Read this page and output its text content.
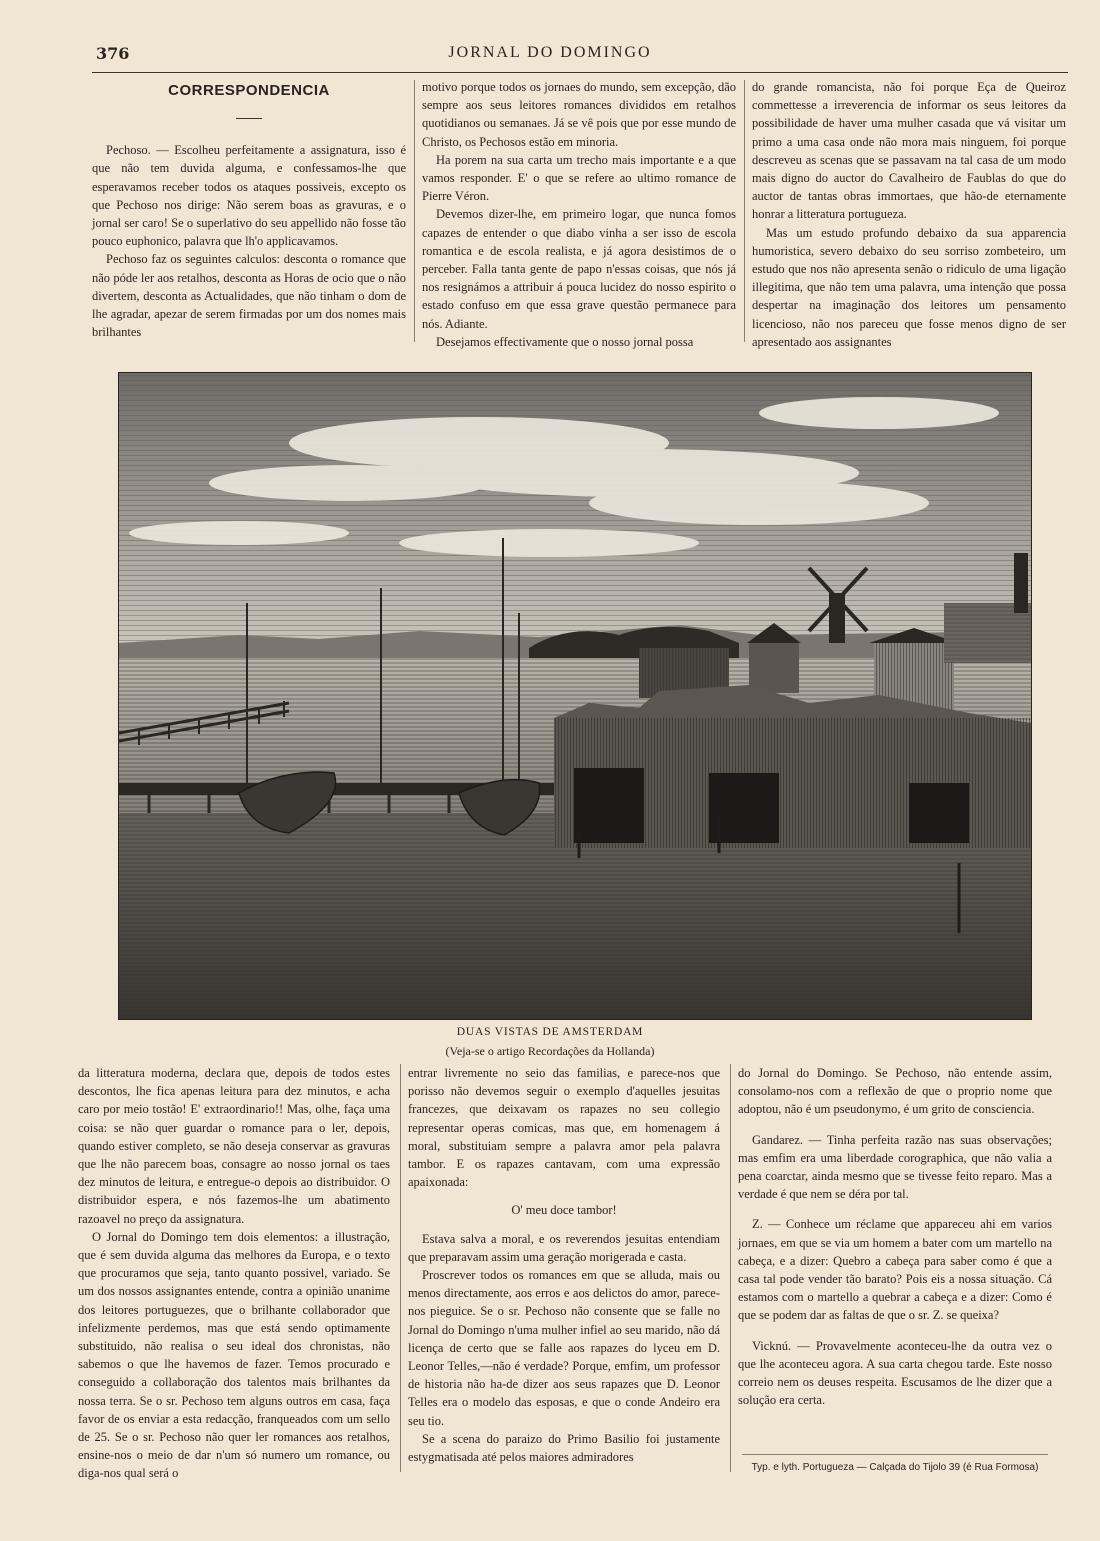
376	JORNAL DO DOMINGO
CORRESPONDENCIA

Pechoso. — Escolheu perfeitamente a assignatura, isso é que não tem duvida alguma, e confessamos-lhe que esperavamos receber todos os ataques possiveis, excepto os que Pechoso nos dirige: Não serem boas as gravuras, e o jornal ser caro! Se o superlativo do seu appellido não fosse tão pouco euphonico, palavra que lh'o applicavamos.

Pechoso faz os seguintes calculos: desconta o romance que não póde ler aos retalhos, desconta as Horas de ocio que o não divertem, desconta as Actualidades, que não tinham o dom de lhe agradar, apezar de serem firmadas por um dos nomes mais brilhantes

motivo porque todos os jornaes do mundo, sem excepção, dão sempre aos seus leitores romances divididos em retalhos quotidianos ou semanaes. Já se vê pois que por esse mundo de Christo, os Pechosos estão em minoria.

Ha porem na sua carta um trecho mais importante e a que vamos responder. E' o que se refere ao ultimo romance de Pierre Véron.

Devemos dizer-lhe, em primeiro logar, que nunca fomos capazes de entender o que diabo vinha a ser isso de escola romantica e de escola realista, e já agora desistimos de o perceber. Falla tanta gente de papo n'essas coisas, que nós já nos resignámos a attribuir á pouca lucidez do nosso espirito o estado confuso em que essa grave questão permanece para nós. Adiante.

Desejamos effectivamente que o nosso jornal possa

do grande romancista, não foi porque Eça de Queiroz commettesse a irreverencia de informar os seus leitores da possibilidade de haver uma mulher casada que vá visitar um primo a uma casa onde não mora mais ninguem, foi porque descreveu as scenas que se passavam na tal casa de um modo mais digno do auctor do Cavalheiro de Faublas do que do auctor de tantas obras immortaes, que hão-de eternamente honrar a litteratura portugueza.

Mas um estudo profundo debaixo da sua apparencia humoristica, severo debaixo do seu sorriso zombeteiro, um estudo que nos não apresenta senão o ridiculo de uma ligação illegitima, que não tem uma palavra, uma intenção que possa despertar na imaginação dos leitores um pensamento licencioso, não nos pareceu que fosse menos digno de ser apresentado aos assignantes

DUAS VISTAS DE AMSTERDAM
(Veja-se o artigo Recordações da Hollanda)

da litteratura moderna, declara que, depois de todos estes descontos, lhe fica apenas leitura para dez minutos, e acha caro por meio tostão! E' extraordinario!! Mas, olhe, faça uma coisa: se não quer guardar o romance para o ler, depois, quando estiver completo, se não deseja conservar as gravuras que lhe não parecem boas, consagre ao nosso jornal os taes dez minutos de leitura, e entregue-o depois ao distribuidor. O distribuidor espera, e nós fazemos-lhe um abatimento razoavel no preço da assignatura.

O Jornal do Domingo tem dois elementos: a illustração, que é sem duvida alguma das melhores da Europa, e o texto que procuramos que seja, tanto quanto possivel, variado. Se um dos nossos assignantes entende, contra a opinião unanime dos leitores portuguezes, que o brilhante collaborador que infelizmente perdemos, mas que está sendo optimamente substituido, não realisa o seu ideal dos chronistas, não sabemos o que lhe havemos de fazer. Temos procurado e conseguido a collaboração dos talentos mais brilhantes da nossa terra. Se o sr. Pechoso tem alguns outros em casa, faça favor de os enviar a esta redacção, franqueados com um sello de 25. Se o sr. Pechoso não quer ler romances aos retalhos, ensine-nos o meio de dar n'um só numero um romance, ou diga-nos qual será o

entrar livremente no seio das familias, e parece-nos que porisso não devemos seguir o exemplo d'aquelles jesuitas francezes, que deixavam os rapazes no seu collegio representar operas comicas, mas que, em homenagem á moral, substituiam sempre a palavra amor pela palavra tambor. E os rapazes cantavam, com uma expressão apaixonada:

O' meu doce tambor!

Estava salva a moral, e os reverendos jesuitas entendiam que preparavam assim uma geração morigerada e casta.

Proscrever todos os romances em que se alluda, mais ou menos directamente, aos erros e aos delictos do amor, parece-nos pieguice. Se o sr. Pechoso não consente que se falle no Jornal do Domingo n'uma mulher infiel ao seu marido, não dá licença de certo que se falle aos rapazes do lyceu em D. Leonor Telles,—não é verdade? Porque, emfim, um professor de historia não ha-de dizer aos seus rapazes que D. Leonor Telles era o modelo das esposas, e que o conde Andeiro era seu tio.

Se a scena do paraizo do Primo Basilio foi justamente estygmatisada até pelos maiores admiradores

do Jornal do Domingo. Se Pechoso, não entende assim, consolamo-nos com a reflexão de que o proprio nome que adoptou, não é um pseudonymo, é um grito de consciencia.

Gandarez. — Tinha perfeita razão nas suas observações; mas emfim era uma liberdade corographica, que não valia a pena coarctar, ainda mesmo que se tivesse feito reparo. Mas a verdade é que nem se déra por tal.

Z. — Conhece um réclame que appareceu ahi em varios jornaes, em que se via um homem a bater com um martello na cabeça, e a dizer: Quebro a cabeça para saber como é que a casa tal pode vender tão barato? Pois eis a nossa situação. Cá estamos com o martello a quebrar a cabeça e a dizer: Como é que se podem dar as faltas de que o sr. Z. se queixa?

Vicknú. — Provavelmente aconteceu-lhe da outra vez o que lhe aconteceu agora. A sua carta chegou tarde. Este nosso correio nem os deuses respeita. Escusamos de lhe dizer que a solução era certa.

Typ. e lyth. Portugueza — Calçada do Tijolo 39 (é Rua Formosa)
